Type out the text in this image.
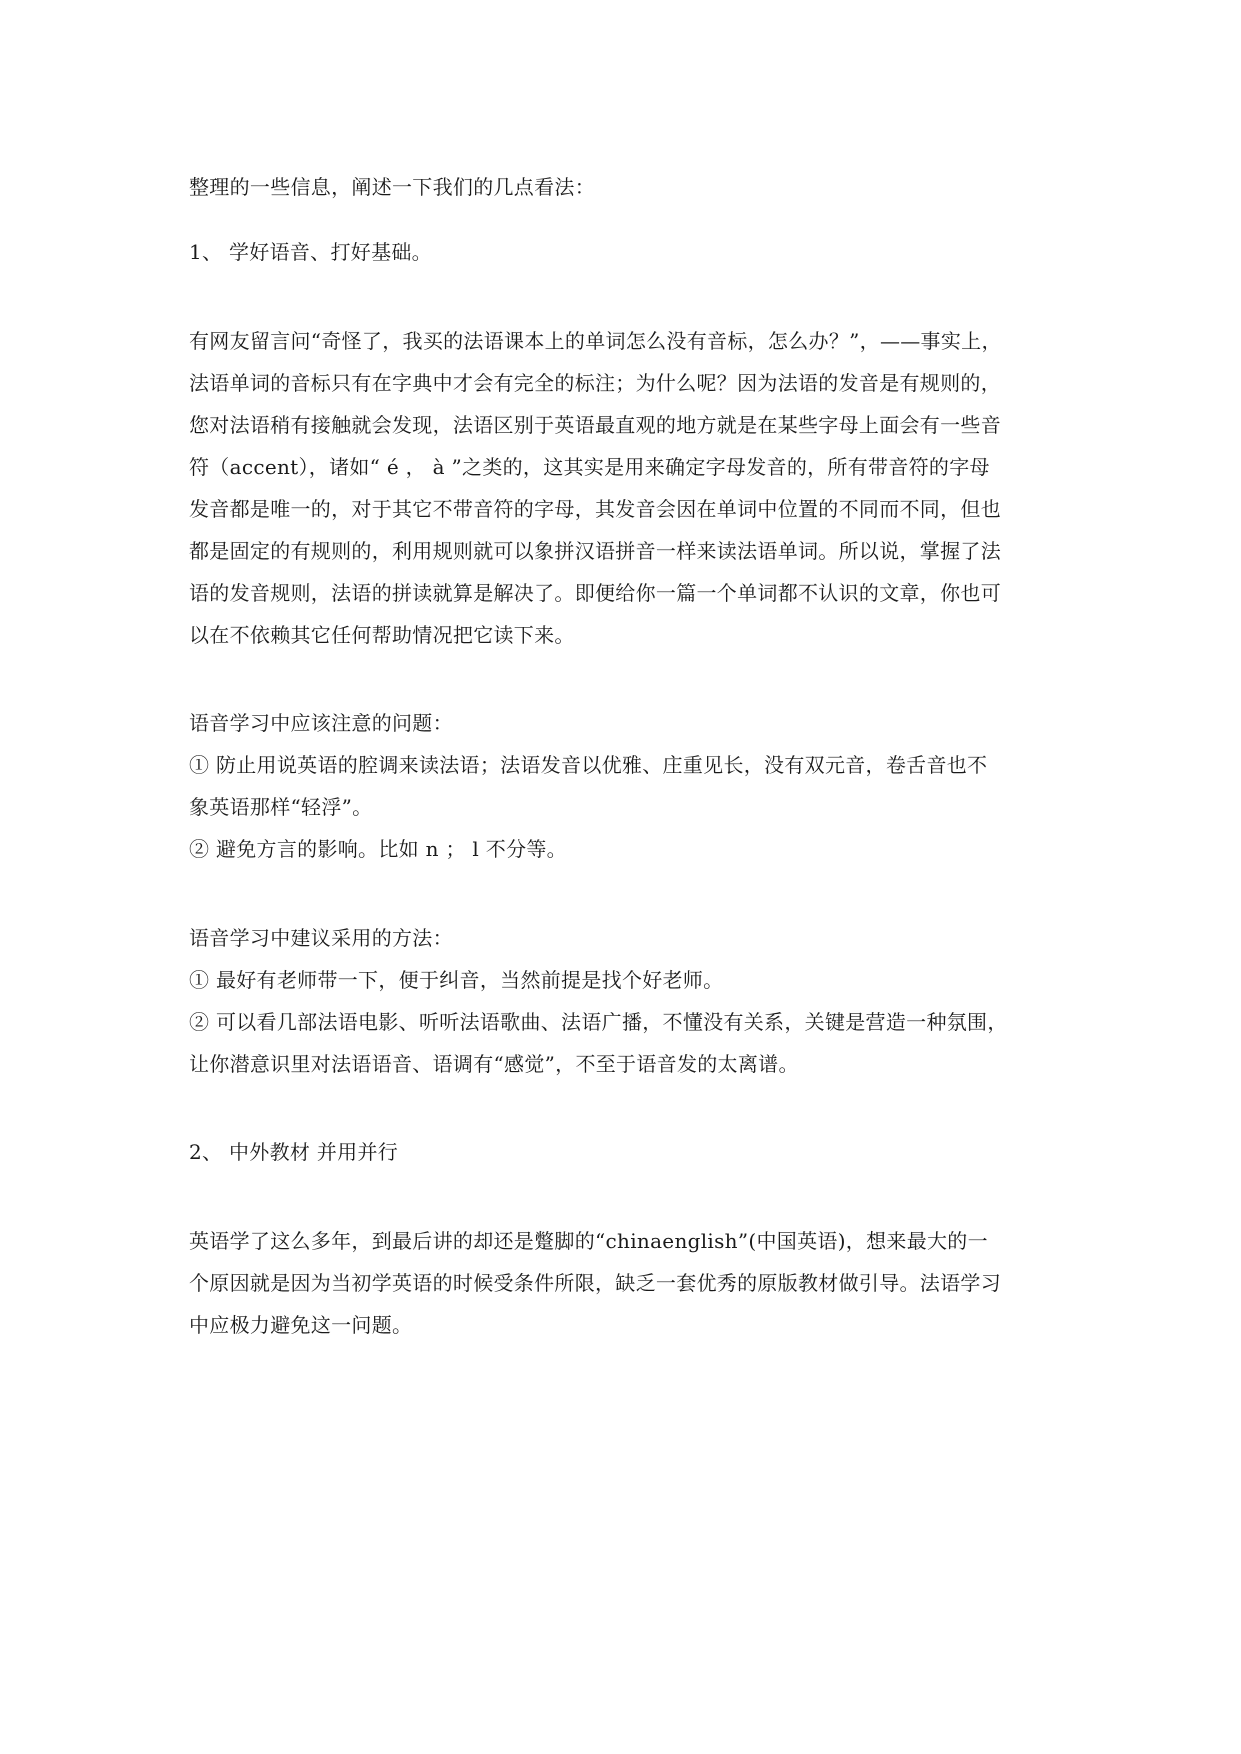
整理的一些信息，阐述一下我们的几点看法：
1、 学好语音、打好基础。
有网友留言问“奇怪了，我买的法语课本上的单词怎么没有音标，怎么办？”，——事实上，
法语单词的音标只有在字典中才会有完全的标注；为什么呢？因为法语的发音是有规则的，
您对法语稍有接触就会发现，法语区别于英语最直观的地方就是在某些字母上面会有一些音
符（accent），诸如“ é ， à ”之类的，这其实是用来确定字母发音的，所有带音符的字母
发音都是唯一的，对于其它不带音符的字母，其发音会因在单词中位置的不同而不同，但也
都是固定的有规则的，利用规则就可以象拼汉语拼音一样来读法语单词。所以说，掌握了法
语的发音规则，法语的拼读就算是解决了。即便给你一篇一个单词都不认识的文章，你也可
以在不依赖其它任何帮助情况把它读下来。
语音学习中应该注意的问题：
① 防止用说英语的腔调来读法语；法语发音以优雅、庄重见长，没有双元音，卷舌音也不
象英语那样“轻浮”。
② 避免方言的影响。比如 n ； l 不分等。
语音学习中建议采用的方法：
① 最好有老师带一下，便于纠音，当然前提是找个好老师。
② 可以看几部法语电影、听听法语歌曲、法语广播，不懂没有关系，关键是营造一种氛围，
让你潜意识里对法语语音、语调有“感觉”，不至于语音发的太离谱。
2、 中外教材 并用并行
英语学了这么多年，到最后讲的却还是蹩脚的“chinaenglish”(中国英语)，想来最大的一
个原因就是因为当初学英语的时候受条件所限，缺乏一套优秀的原版教材做引导。法语学习
中应极力避免这一问题。
